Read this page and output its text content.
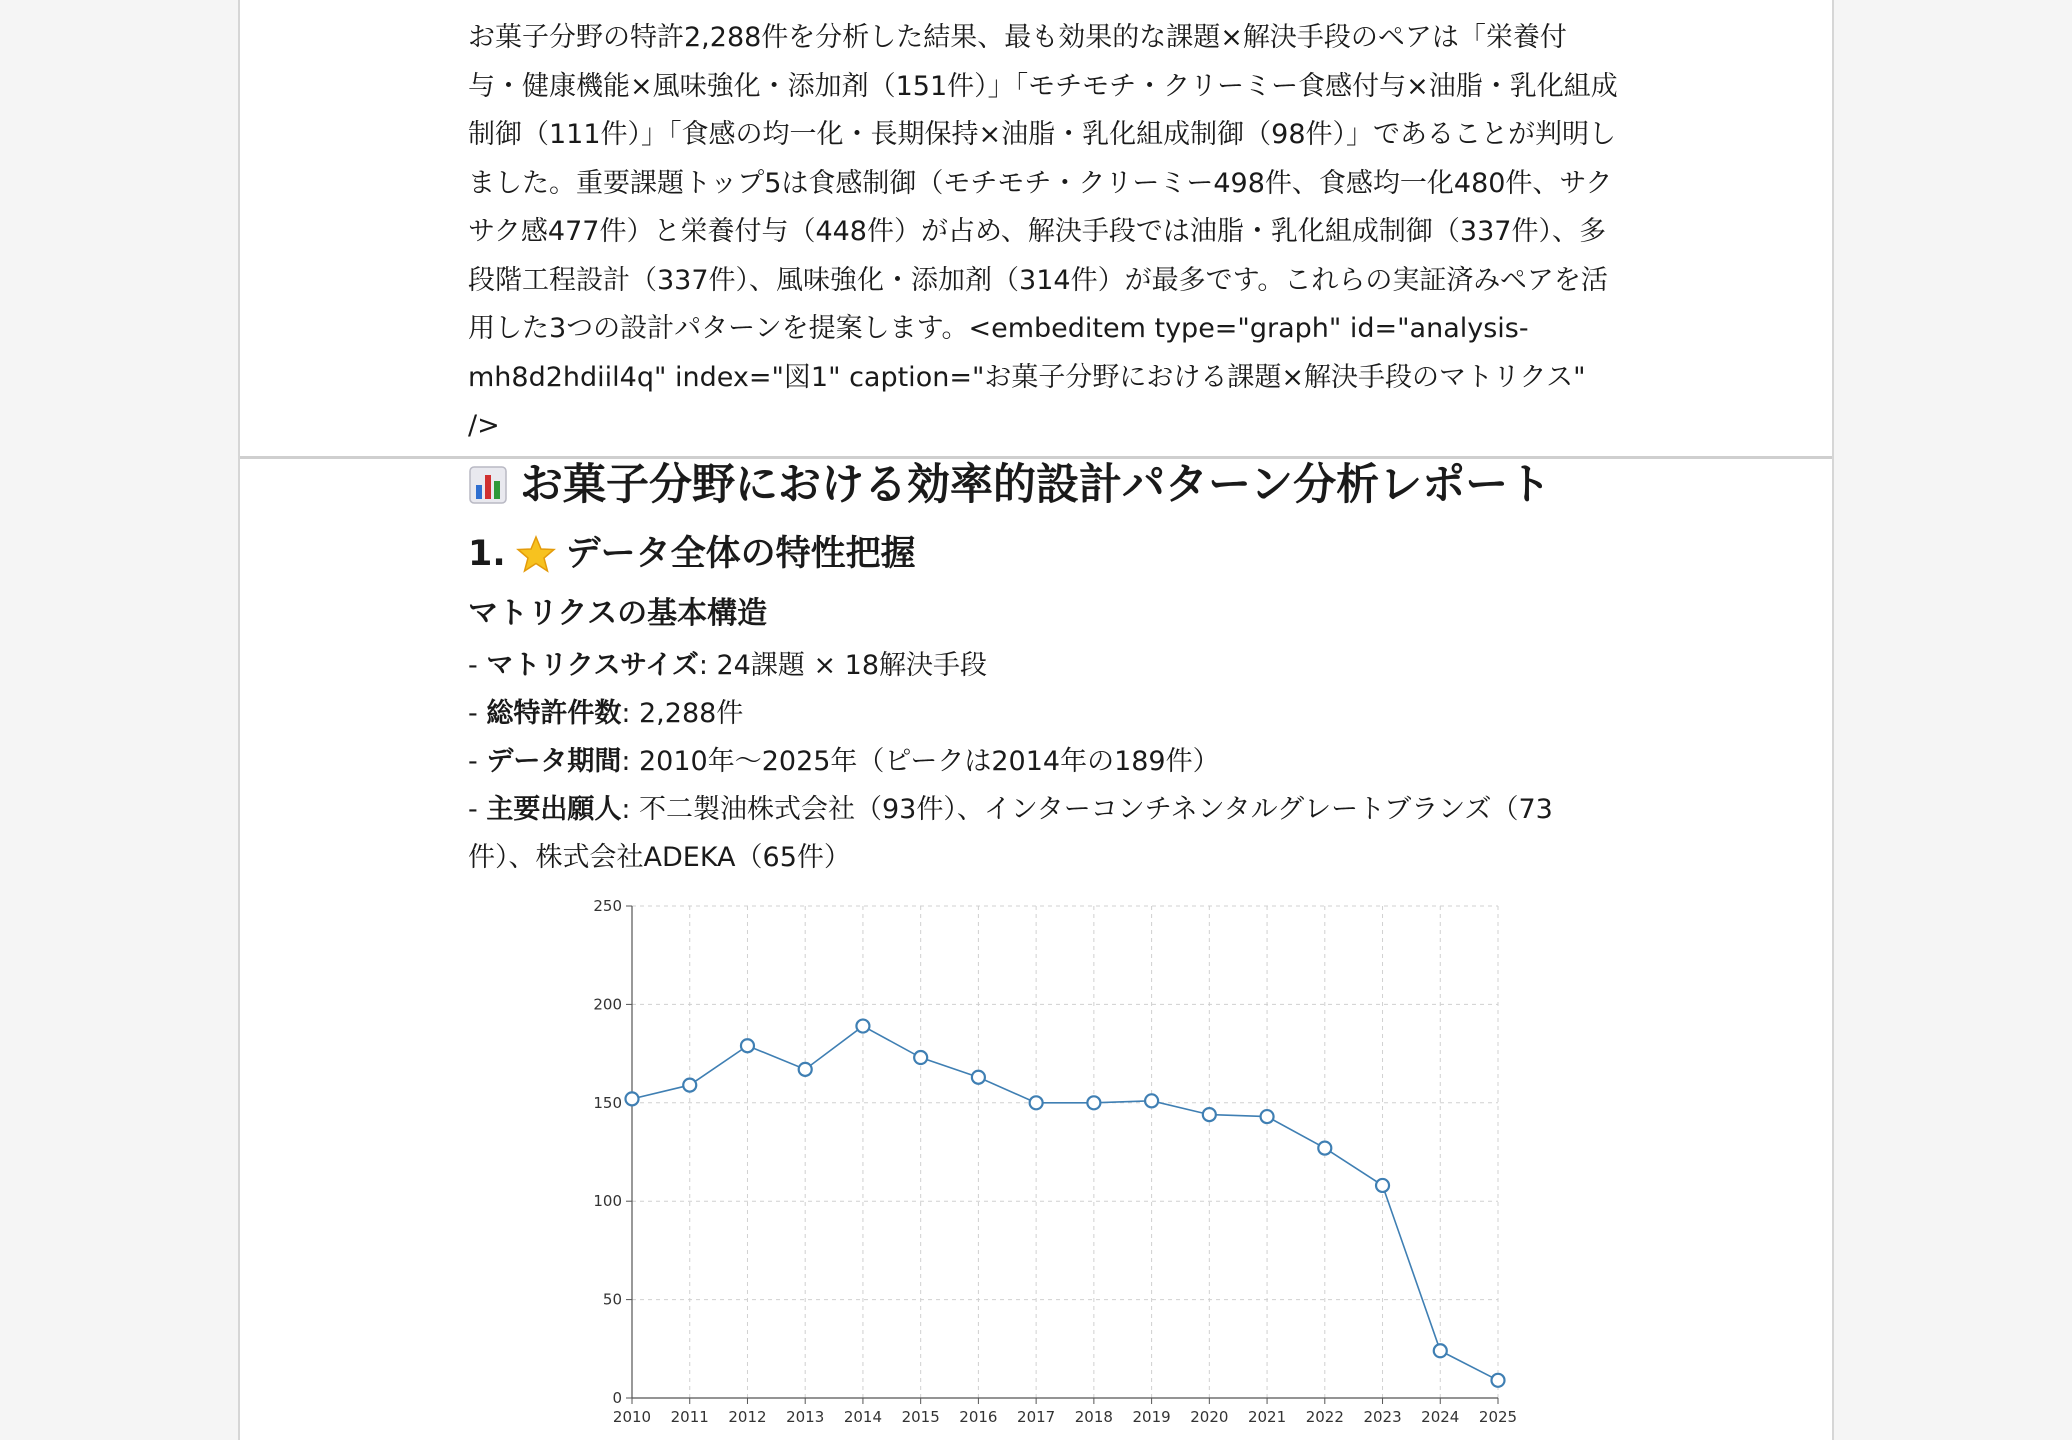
お菓子分野の特許2,288件を分析した結果、最も効果的な課題×解決手段のペアは「栄養付与・健康機能×風味強化・添加剤（151件）」「モチモチ・クリーミー食感付与×油脂・乳化組成制御（111件）」「食感の均一化・長期保持×油脂・乳化組成制御（98件）」であることが判明しました。重要課題トップ5は食感制御（モチモチ・クリーミー498件、食感均一化480件、サクサク感477件）と栄養付与（448件）が占め、解決手段では油脂・乳化組成制御（337件）、多段階工程設計（337件）、風味強化・添加剤（314件）が最多です。これらの実証済みペアを活用した3つの設計パターンを提案します。<embeditem type="graph" id="analysis-mh8d2hdiil4q" index="図1" caption="お菓子分野における課題×解決手段のマトリクス" />

お菓子分野における効率的設計パターン分析レポート
1. データ全体の特性把握
マトリクスの基本構造
- マトリクスサイズ: 24課題 × 18解決手段
- 総特許件数: 2,288件
- データ期間: 2010年〜2025年（ピークは2014年の189件）
- 主要出願人: 不二製油株式会社（93件）、インターコンチネンタルグレートブランズ（73件）、株式会社ADEKA（65件）
0
50
100
150
200
250
2010 2011 2012 2013 2014 2015 2016 2017 2018 2019 2020 2021 2022 2023 2024 2025
